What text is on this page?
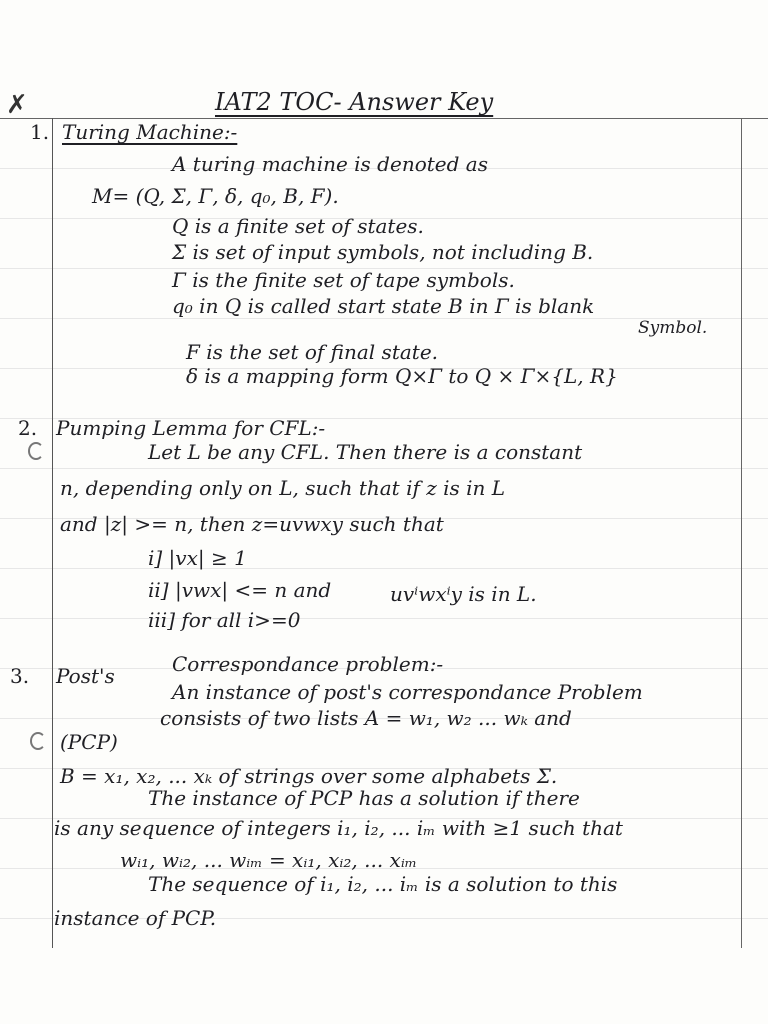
✗	IAT2 TOC- Answer Key
1. Turing Machine:-
A turing machine is denoted as
M= (Q, Σ, Γ, δ, q₀, B, F).
Q is a finite set of states.
Σ is set of input symbols, not including B.
Γ is the finite set of tape symbols.
q₀ in Q is called start state B in Γ is blank
Symbol.
F is the set of final state.
δ is a mapping form Q×Γ to Q × Γ×{L, R}
2. Pumping Lemma for CFL:-
Let L be any CFL. Then there is a constant
n, depending only on L, such that if z is in L
and |z| >= n, then z=uvwxy such that
i] |vx| ≥ 1
ii] |vwx| <= n and
iii] for all i>=0
uvⁱwxⁱy is in L.
3. Post's	Correspondance problem:-
An instance of post's correspondance Problem
(PCP)
consists of two lists A = w₁, w₂ ... wₖ and
B = x₁, x₂, ... xₖ of strings over some alphabets Σ.
The instance of PCP has a solution if there
is any sequence of integers i₁, i₂, ... iₘ with ≥1 such that
wᵢ₁, wᵢ₂, ... wᵢₘ = xᵢ₁, xᵢ₂, ... xᵢₘ
The sequence of i₁, i₂, ... iₘ is a solution to this
instance of PCP.
